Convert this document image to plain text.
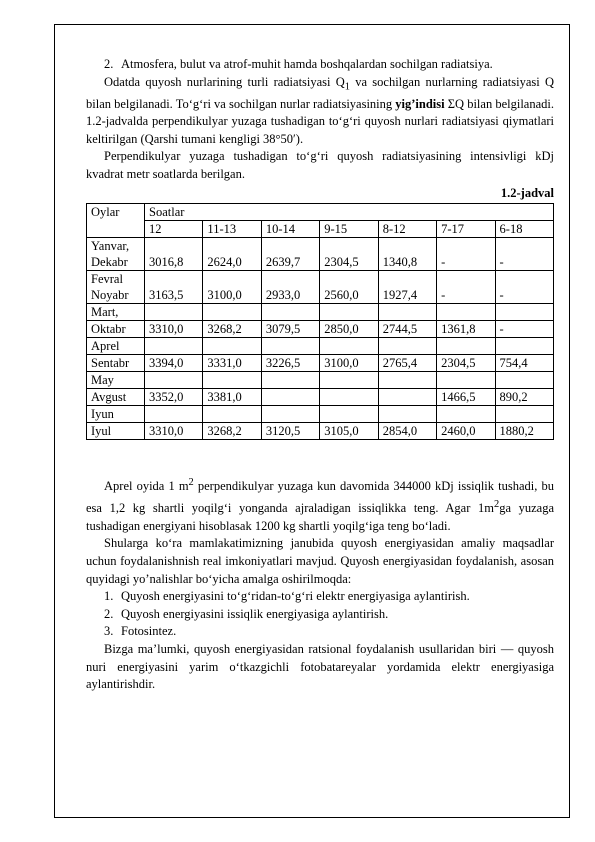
2. Atmosfera, bulut va atrof-muhit hamda boshqalardan sochilgan radiatsiya.

Odatda quyosh nurlarining turli radiatsiyasi $Q_1$ va sochilgan nurlarning radiatsiyasi Q bilan belgilanadi. To‘g‘ri va sochilgan nurlar radiatsiyasining yig’indisi ΣQ bilan belgilanadi. 1.2-jadvalda perpendikulyar yuzaga tushadigan to‘g‘ri quyosh nurlari radiatsiyasi qiymatlari keltirilgan (Qarshi tumani kengligi 38°50′).

Perpendikulyar yuzaga tushadigan to‘g‘ri quyosh radiatsiyasining intensivligi kDj kvadrat metr soatlarda berilgan.

1.2-jadval

Oylar	Soatlar						
	12	11-13	10-14	9-15	8-12	7-17	6-18
Yanvar,
Dekabr	3016,8	2624,0	2639,7	2304,5	1340,8	-	-
Fevral
Noyabr	3163,5	3100,0	2933,0	2560,0	1927,4	-	-
Mart,							
Oktabr	3310,0	3268,2	3079,5	2850,0	2744,5	1361,8	-
Aprel							
Sentabr	3394,0	3331,0	3226,5	3100,0	2765,4	2304,5	754,4
May							
Avgust	3352,0	3381,0				1466,5	890,2
Iyun							
Iyul	3310,0	3268,2	3120,5	3105,0	2854,0	2460,0	1880,2

Aprel oyida 1 $m^2$ perpendikulyar yuzaga kun davomida 344000 kDj issiqlik tushadi, bu esa 1,2 kg shartli yoqilg‘i yonganda ajraladigan issiqlikka teng. Agar $1m^2ga$ yuzaga tushadigan energiyani hisoblasak 1200 kg shartli yoqilg‘iga teng bo‘ladi.

Shularga ko‘ra mamlakatimizning janubida quyosh energiyasidan amaliy maqsadlar uchun foydalanishnish real imkoniyatlari mavjud. Quyosh energiyasidan foydalanish, asosan quyidagi yo’nalishlar bo‘yicha amalga oshirilmoqda:

1. Quyosh energiyasini to‘g‘ridan-to‘g‘ri elektr energiyasiga aylantirish.

2. Quyosh energiyasini issiqlik energiyasiga aylantirish.

3. Fotosintez.

Bizga ma’lumki, quyosh energiyasidan ratsional foydalanish usullaridan biri — quyosh nuri energiyasini yarim o‘tkazgichli fotobatareyalar yordamida elektr energiyasiga aylantirishdir.
